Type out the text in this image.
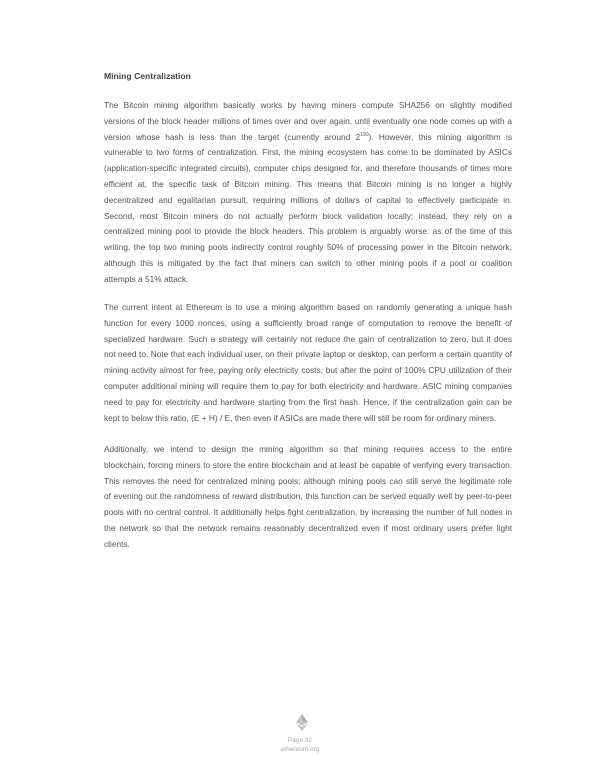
Mining Centralization
The Bitcoin mining algorithm basically works by having miners compute SHA256 on slightly modified
versions of the block header millions of times over and over again, until eventually one node comes up with a
version whose hash is less than the target (currently around $2^{190}$). However, this mining algorithm is
vulnerable to two forms of centralization. First, the mining ecosystem has come to be dominated by ASICs
(application-specific integrated circuits), computer chips designed for, and therefore thousands of times more
efficient at, the specific task of Bitcoin mining. This means that Bitcoin mining is no longer a highly
decentralized and egalitarian pursuit, requiring millions of dollars of capital to effectively participate in.
Second, most Bitcoin miners do not actually perform block validation locally; instead, they rely on a
centralized mining pool to provide the block headers. This problem is arguably worse: as of the time of this
writing, the top two mining pools indirectly control roughly 50% of processing power in the Bitcoin network,
although this is mitigated by the fact that miners can switch to other mining pools if a pool or coalition
attempts a 51% attack.
The current intent at Ethereum is to use a mining algorithm based on randomly generating a unique hash
function for every 1000 nonces, using a sufficiently broad range of computation to remove the benefit of
specialized hardware. Such a strategy will certainly not reduce the gain of centralization to zero, but it does
not need to. Note that each individual user, on their private laptop or desktop, can perform a certain quantity of
mining activity almost for free, paying only electricity costs, but after the point of 100% CPU utilization of their
computer additional mining will require them to pay for both electricity and hardware. ASIC mining companies
need to pay for electricity and hardware starting from the first hash. Hence, if the centralization gain can be
kept to below this ratio, (E + H) / E, then even if ASICs are made there will still be room for ordinary miners.
Additionally, we intend to design the mining algorithm so that mining requires access to the entire
blockchain, forcing miners to store the entire blockchain and at least be capable of verifying every transaction.
This removes the need for centralized mining pools; although mining pools can still serve the legitimate role
of evening out the randomness of reward distribution, this function can be served equally well by peer-to-peer
pools with no central control. It additionally helps fight centralization, by increasing the number of full nodes in
the network so that the network remains reasonably decentralized even if most ordinary users prefer light
clients.
Page 32
ethereum.org
